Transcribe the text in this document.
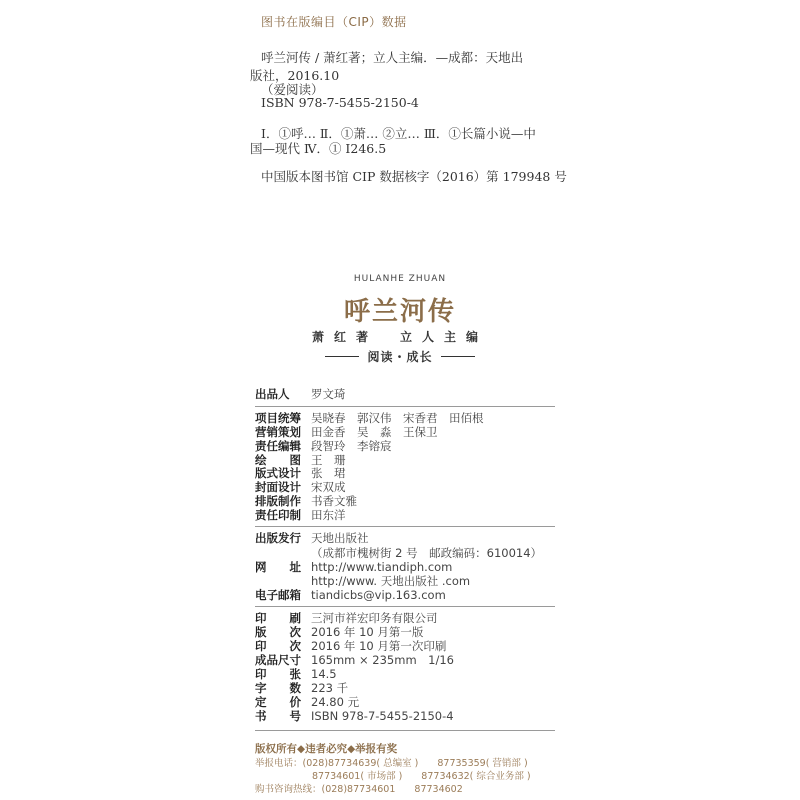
图书在版编目（CIP）数据
呼兰河传 / 萧红著；立人主编．—成都：天地出
版社，2016.10
（爱阅读）
ISBN 978-7-5455-2150-4
Ⅰ．①呼… Ⅱ．①萧… ②立… Ⅲ．①长篇小说—中
国—现代 Ⅳ．① I246.5
中国版本图书馆 CIP 数据核字（2016）第 179948 号
HULANHE ZHUAN
呼兰河传
萧红著　立人主编
阅读・成长
出品人	罗文琦
项目统筹 吴晓春　郭汉伟　宋香君　田佰根
营销策划 田金香　吴　淼　王保卫
责任编辑 段智玲　李镕宸
绘　　图 王　珊
版式设计 张　珺
封面设计 宋双成
排版制作 书香文雅
责任印制 田东洋
出版发行 天地出版社
（成都市槐树街 2 号　邮政编码：610014）
网　　址 http://www.tiandiph.com
http://www. 天地出版社 .com
电子邮箱 tiandicbs@vip.163.com
印　　刷 三河市祥宏印务有限公司
版　　次 2016 年 10 月第一版
印　　次 2016 年 10 月第一次印刷
成品尺寸 165mm × 235mm　1/16
印　　张 14.5
字　　数 223 千
定　　价 24.80 元
书　　号 ISBN 978-7-5455-2150-4
版权所有◆违者必究◆举报有奖
举报电话：(028)87734639( 总编室 )　　87735359( 营销部 )
　　　　　　87734601( 市场部 )　　87734632( 综合业务部 )
购书咨询热线：(028)87734601　　87734602
